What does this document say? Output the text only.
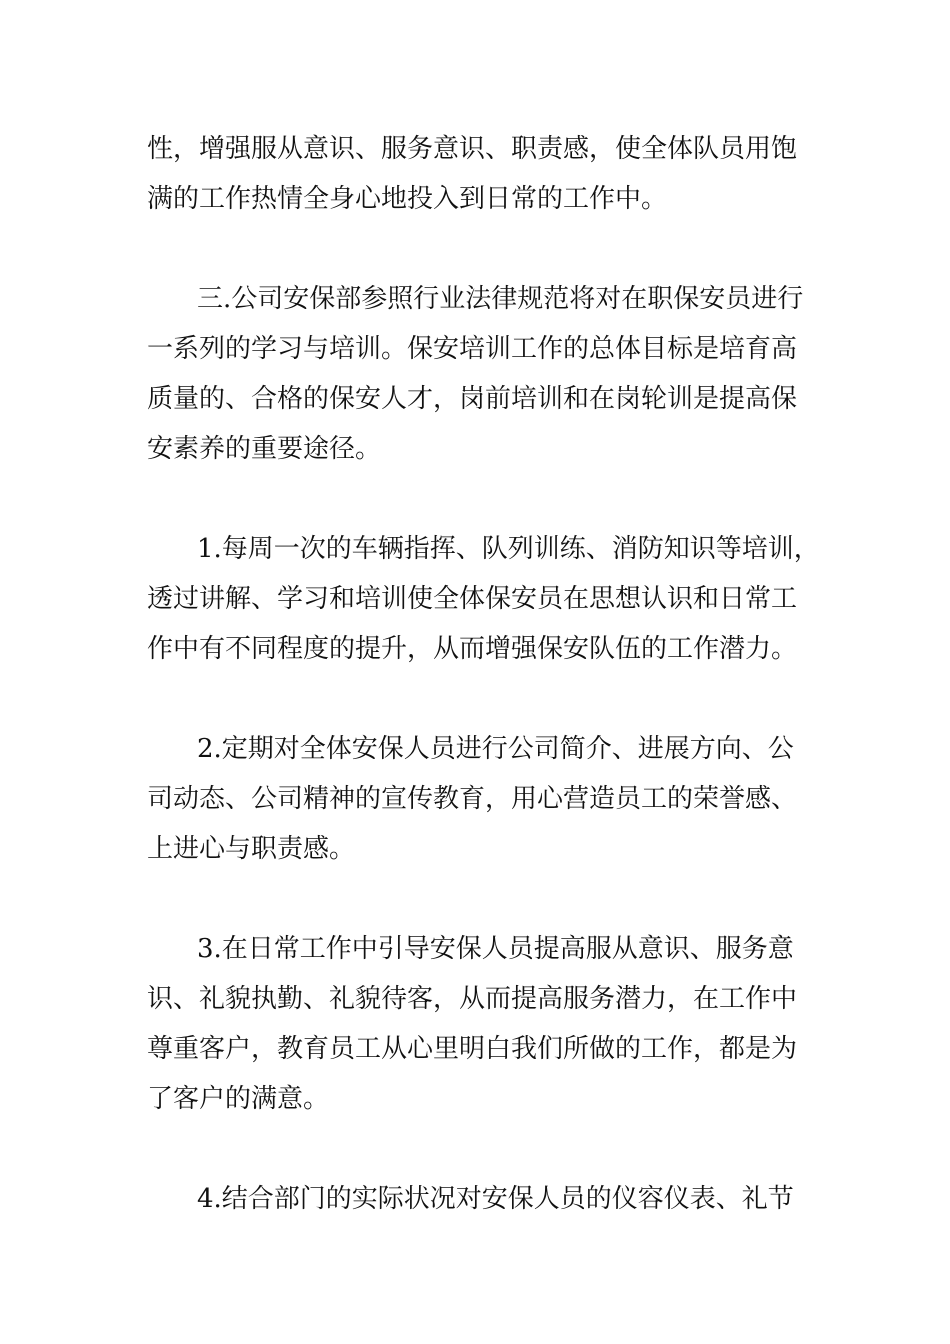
性，增强服从意识、服务意识、职责感，使全体队员用饱
满的工作热情全身心地投入到日常的工作中。
三.公司安保部参照行业法律规范将对在职保安员进行
一系列的学习与培训。保安培训工作的总体目标是培育高
质量的、合格的保安人才，岗前培训和在岗轮训是提高保
安素养的重要途径。
1.每周一次的车辆指挥、队列训练、消防知识等培训，
透过讲解、学习和培训使全体保安员在思想认识和日常工
作中有不同程度的提升，从而增强保安队伍的工作潜力。
2.定期对全体安保人员进行公司简介、进展方向、公
司动态、公司精神的宣传教育，用心营造员工的荣誉感、
上进心与职责感。
3.在日常工作中引导安保人员提高服从意识、服务意
识、礼貌执勤、礼貌待客，从而提高服务潜力，在工作中
尊重客户，教育员工从心里明白我们所做的工作，都是为
了客户的满意。
4.结合部门的实际状况对安保人员的仪容仪表、礼节
